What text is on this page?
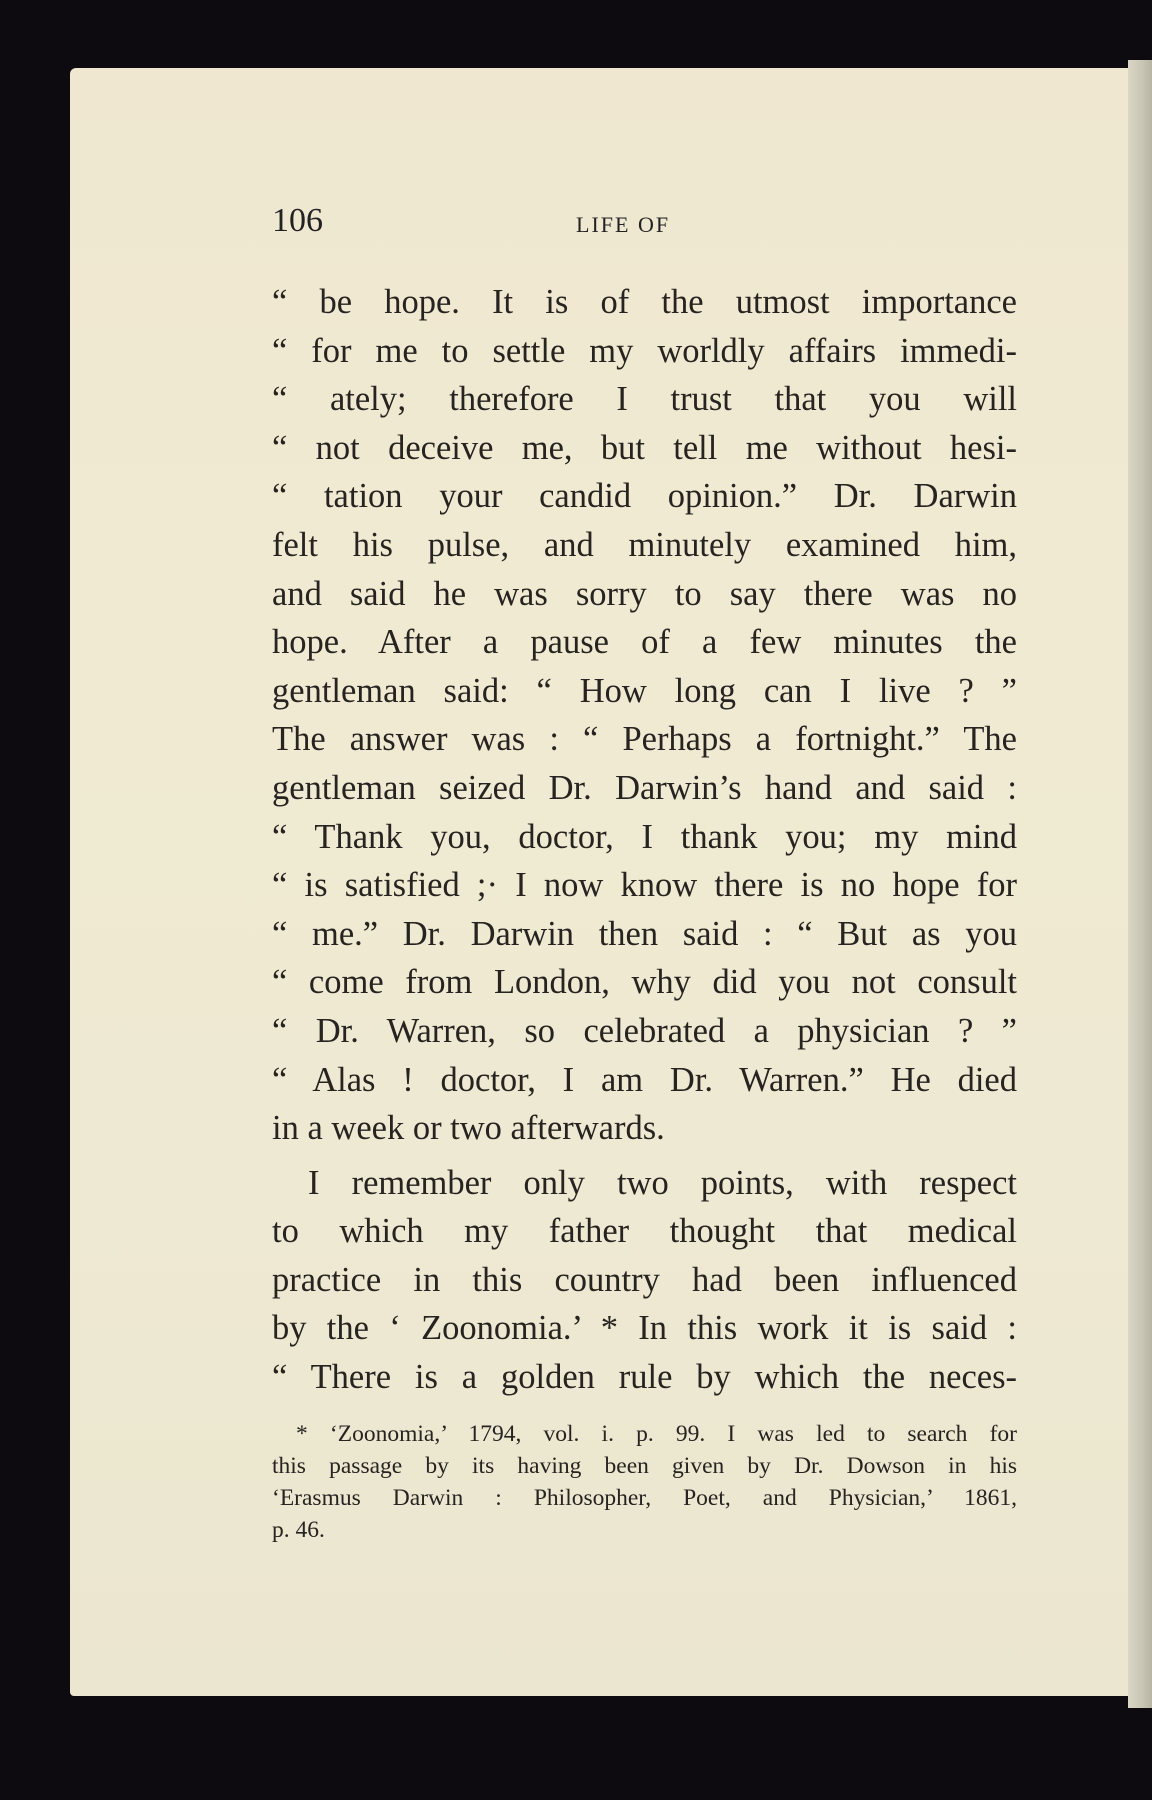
106	LIFE OF
“ be hope. It is of the utmost importance
“ for me to settle my worldly affairs immedi-
“ ately; therefore I trust that you will
“ not deceive me, but tell me without hesi-
“ tation your candid opinion.” Dr. Darwin
felt his pulse, and minutely examined him,
and said he was sorry to say there was no
hope. After a pause of a few minutes the
gentleman said: “ How long can I live ? ”
The answer was : “ Perhaps a fortnight.” The
gentleman seized Dr. Darwin’s hand and said :
“ Thank you, doctor, I thank you; my mind
“ is satisfied ;· I now know there is no hope for
“ me.” Dr. Darwin then said : “ But as you
“ come from London, why did you not consult
“ Dr. Warren, so celebrated a physician ? ”
“ Alas ! doctor, I am Dr. Warren.” He died
in a week or two afterwards.
I remember only two points, with respect
to which my father thought that medical
practice in this country had been influenced
by the ‘ Zoonomia.’ * In this work it is said :
“ There is a golden rule by which the neces-
* ‘Zoonomia,’ 1794, vol. i. p. 99. I was led to search for
this passage by its having been given by Dr. Dowson in his
‘Erasmus Darwin : Philosopher, Poet, and Physician,’ 1861,
p. 46.
